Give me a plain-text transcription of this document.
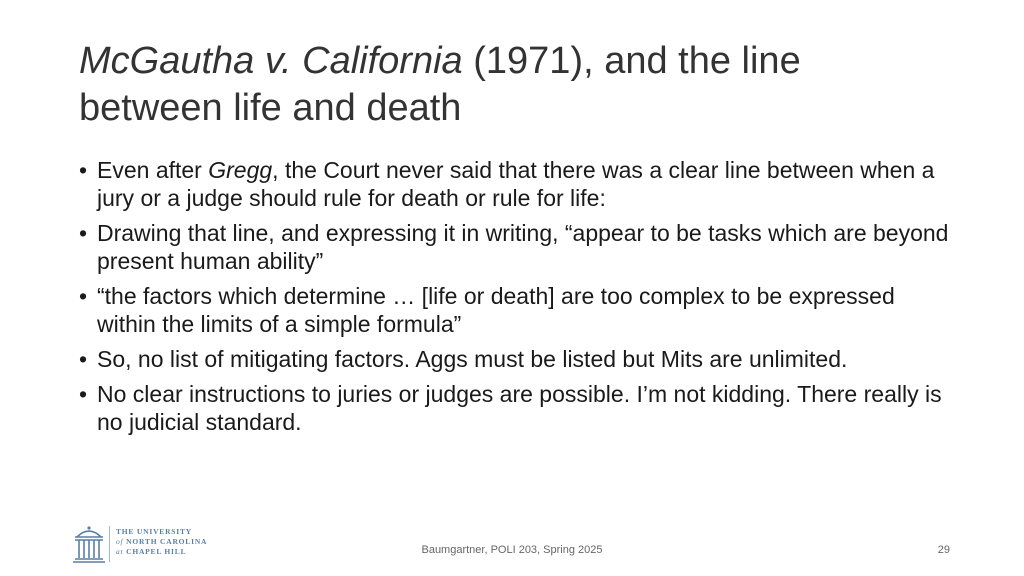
McGautha v. California (1971), and the line
between life and death
• Even after Gregg, the Court never said that there was a clear line between when a jury or a judge should rule for death or rule for life:
• Drawing that line, and expressing it in writing, “appear to be tasks which are beyond present human ability”
• “the factors which determine … [life or death] are too complex to be expressed within the limits of a simple formula”
• So, no list of mitigating factors. Aggs must be listed but Mits are unlimited.
• No clear instructions to juries or judges are possible. I’m not kidding. There really is no judicial standard.
THE UNIVERSITY
of NORTH CAROLINA
at CHAPEL HILL	Baumgartner, POLI 203, Spring 2025	29
